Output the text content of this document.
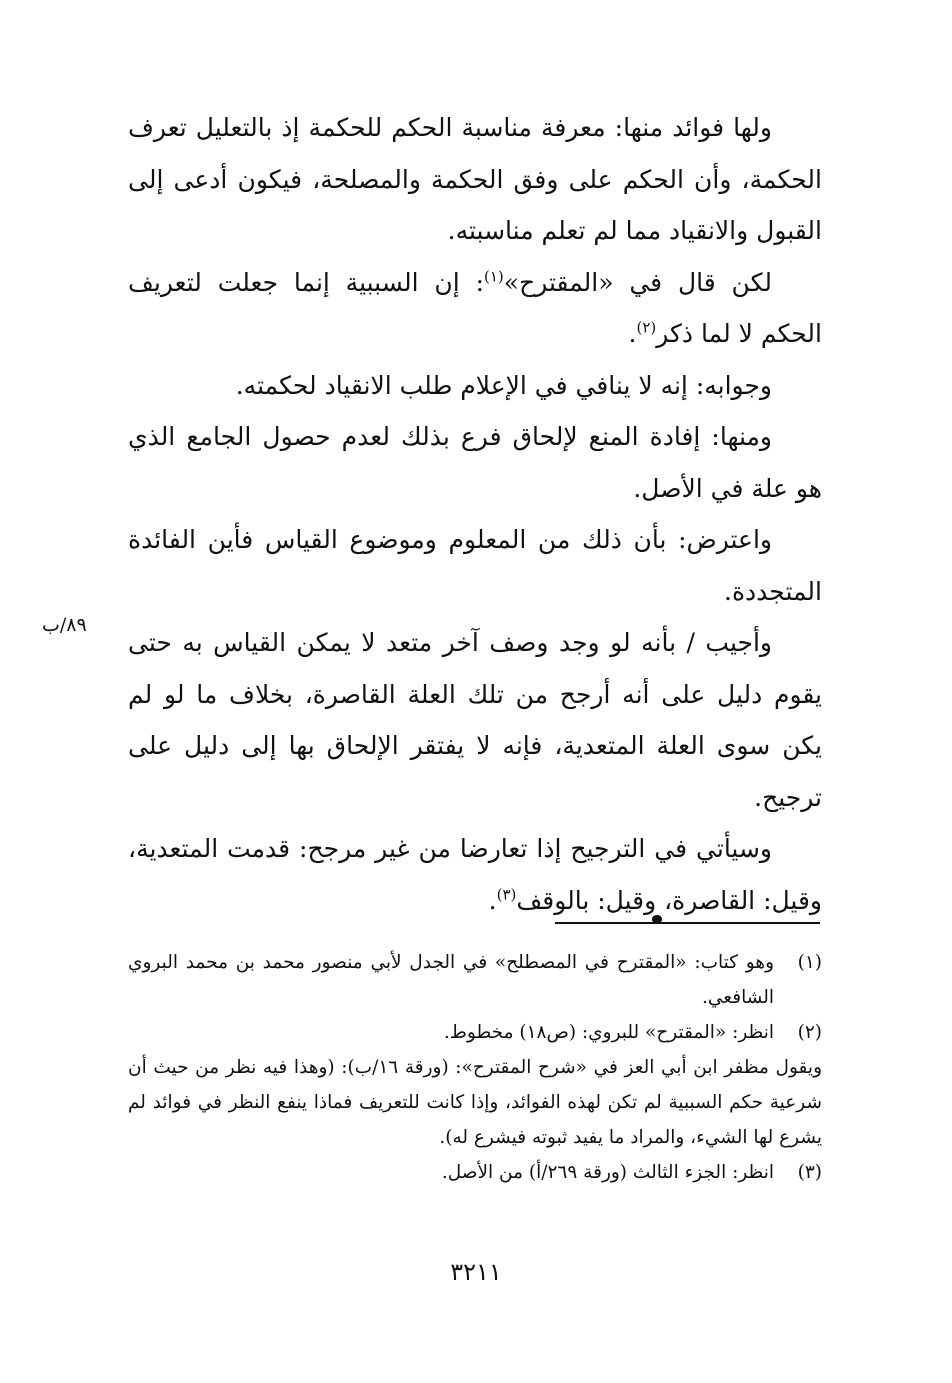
ولها فوائد منها: معرفة مناسبة الحكم للحكمة إذ بالتعليل تعرف الحكمة، وأن الحكم على وفق الحكمة والمصلحة، فيكون أدعى إلى القبول والانقياد مما لم تعلم مناسبته.

لكن قال في «المقترح»$^{(١)}$: إن السببية إنما جعلت لتعريف الحكم لا لما ذكر$^{(٢)}$.

وجوابه: إنه لا ينافي في الإعلام طلب الانقياد لحكمته.

ومنها: إفادة المنع لإلحاق فرع بذلك لعدم حصول الجامع الذي هو علة في الأصل.

واعترض: بأن ذلك من المعلوم وموضوع القياس فأين الفائدة المتجددة.

وأجيب / بأنه لو وجد وصف آخر متعد لا يمكن القياس به حتى يقوم دليل على أنه أرجح من تلك العلة القاصرة، بخلاف ما لو لم يكن سوى العلة المتعدية، فإنه لا يفتقر الإلحاق بها إلى دليل على ترجيح.

وسيأتي في الترجيح إذا تعارضا من غير مرجح: قدمت المتعدية، وقيل: القاصرة، وقيل: بالوقف$^{(٣)}$.

٨٩/ب
(١)
وهو كتاب: «المقترح في المصطلح» في الجدل لأبي منصور محمد بن محمد البروي الشافعي.
(٢)
انظر: «المقترح» للبروي: (ص١٨) مخطوط.
ويقول مظفر ابن أبي العز في «شرح المقترح»: (ورقة ١٦/ب): (وهذا فيه نظر من حيث أن شرعية حكم السببية لم تكن لهذه الفوائد، وإذا كانت للتعريف فماذا ينفع النظر في فوائد لم يشرع لها الشيء، والمراد ما يفيد ثبوته فيشرع له).
(٣)
انظر: الجزء الثالث (ورقة ٢٦٩/أ) من الأصل.
٣٢١١
